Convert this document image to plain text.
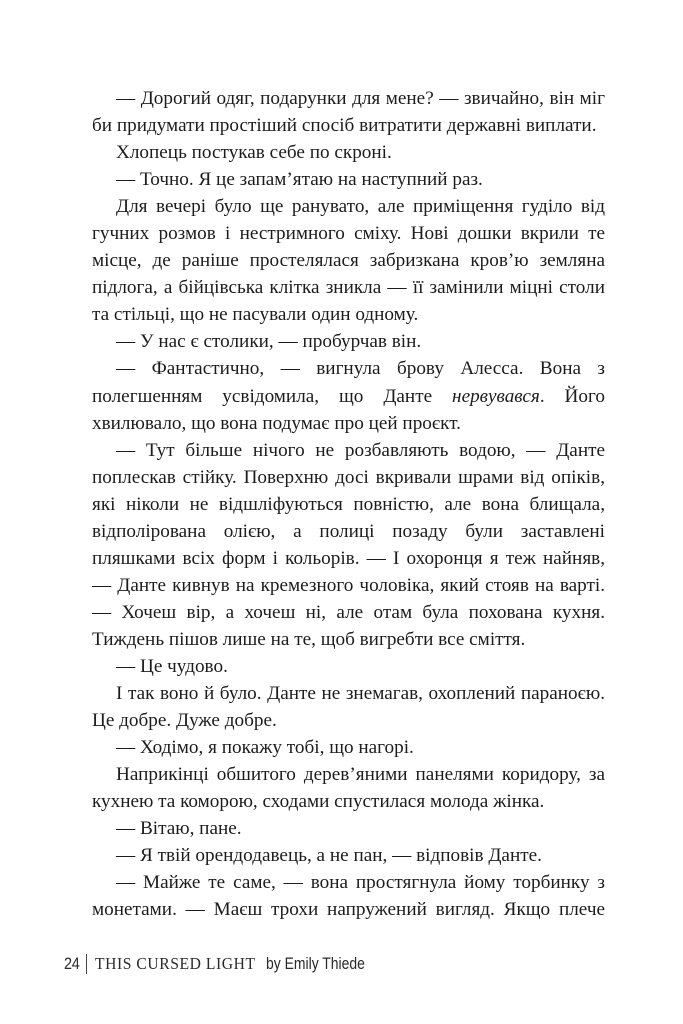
— Дорогий одяг, подарунки для мене? — звичайно, він міг би придумати простіший спосіб витратити державні виплати.

Хлопець постукав себе по скроні.

— Точно. Я це запам’ятаю на наступний раз.

Для вечері було ще ранувато, але приміщення гуділо від гучних розмов і нестримного сміху. Нові дошки вкрили те місце, де раніше простелялася забризкана кров’ю земляна підлога, а бійцівська клітка зникла — її замінили міцні столи та стільці, що не пасували один одному.

— У нас є столики, — пробурчав він.

— Фантастично, — вигнула брову Алесса. Вона з полегшенням усвідомила, що Данте нервувався. Його хвилювало, що вона подумає про цей проєкт.

— Тут більше нічого не розбавляють водою, — Данте поплескав стійку. Поверхню досі вкривали шрами від опіків, які ніколи не відшліфуються повністю, але вона блищала, відполірована олією, а полиці позаду були заставлені пляшками всіх форм і кольорів. — І охоронця я теж найняв, — Данте кивнув на кремезного чоловіка, який стояв на варті. — Хочеш вір, а хочеш ні, але отам була похована кухня. Тиждень пішов лише на те, щоб вигребти все сміття.

— Це чудово.

І так воно й було. Данте не знемагав, охоплений параноєю. Це добре. Дуже добре.

— Ходімо, я покажу тобі, що нагорі.

Наприкінці обшитого дерев’яними панелями коридору, за кухнею та коморою, сходами спустилася молода жінка.

— Вітаю, пане.

— Я твій орендодавець, а не пан, — відповів Данте.

— Майже те саме, — вона простягнула йому торбинку з монетами. — Маєш трохи напружений вигляд. Якщо плече

24 THIS CURSED LIGHT by Emily Thiede
